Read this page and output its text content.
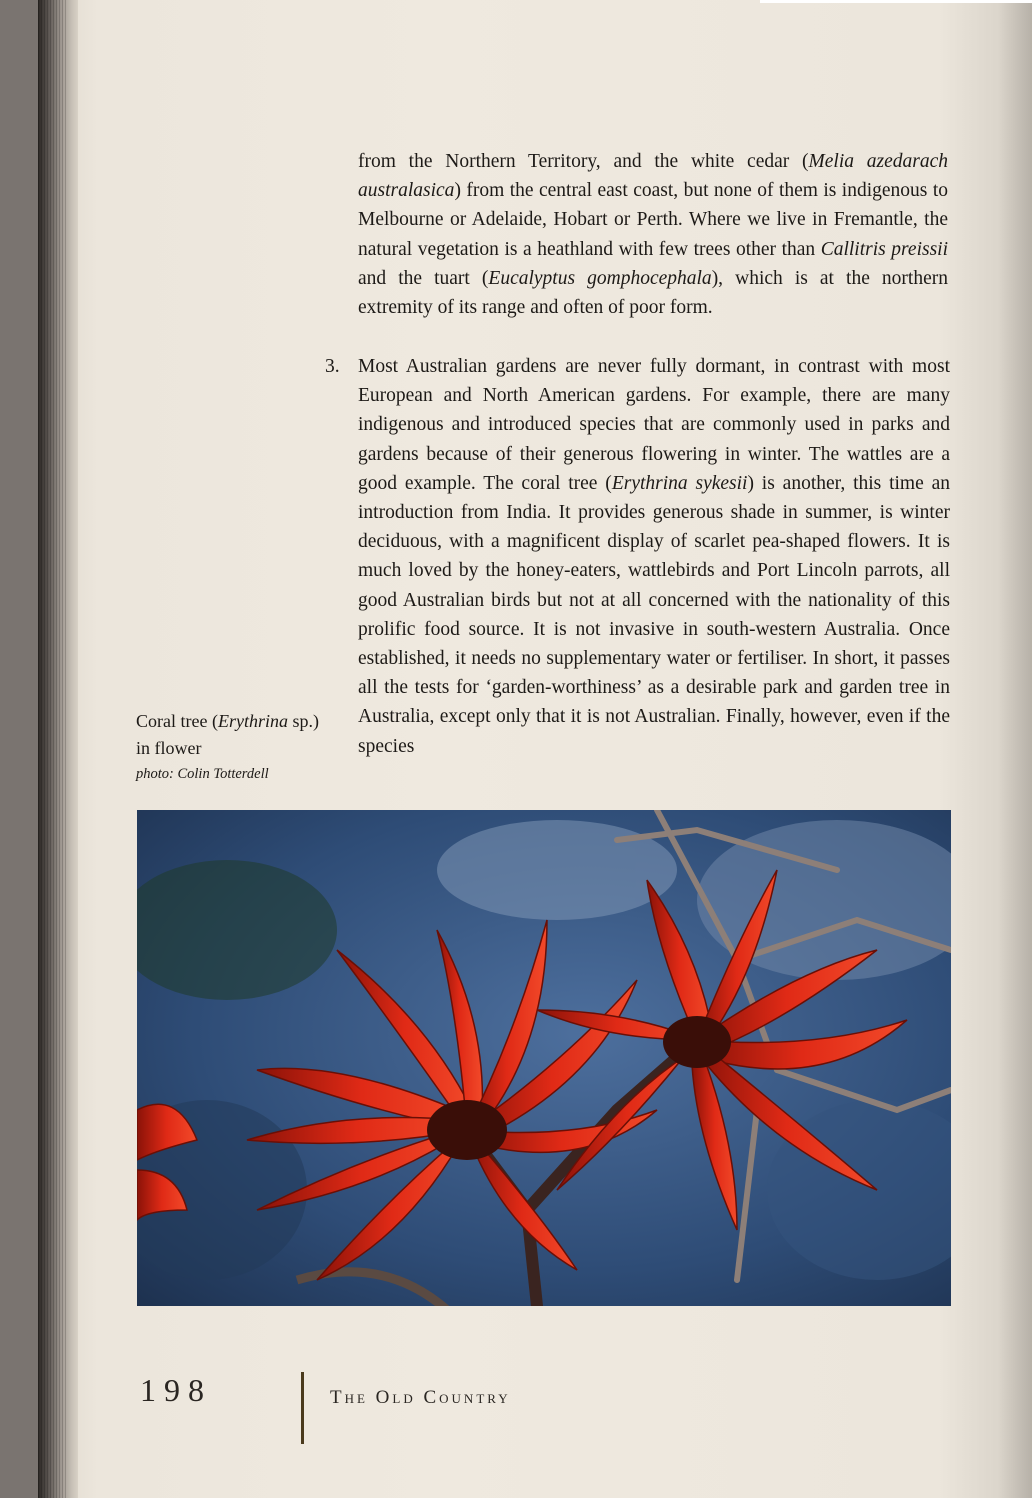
from the Northern Territory, and the white cedar (Melia azedarach australasica) from the central east coast, but none of them is indigenous to Melbourne or Adelaide, Hobart or Perth. Where we live in Fremantle, the natural vegetation is a heathland with few trees other than Callitris preissii and the tuart (Eucalyptus gomphocephala), which is at the northern extremity of its range and often of poor form.

3. Most Australian gardens are never fully dormant, in contrast with most European and North American gardens. For example, there are many indigenous and introduced species that are commonly used in parks and gardens because of their generous flowering in winter. The wattles are a good example. The coral tree (Erythrina sykesii) is another, this time an introduction from India. It provides generous shade in summer, is winter deciduous, with a magnificent display of scarlet pea-shaped flowers. It is much loved by the honey-eaters, wattlebirds and Port Lincoln parrots, all good Australian birds but not at all concerned with the nationality of this prolific food source. It is not invasive in south-western Australia. Once established, it needs no supplementary water or fertiliser. In short, it passes all the tests for ‘garden-worthiness’ as a desirable park and garden tree in Australia, except only that it is not Australian. Finally, however, even if the species
Coral tree (Erythrina sp.) in flower
photo: Colin Totterdell
198	The Old Country
